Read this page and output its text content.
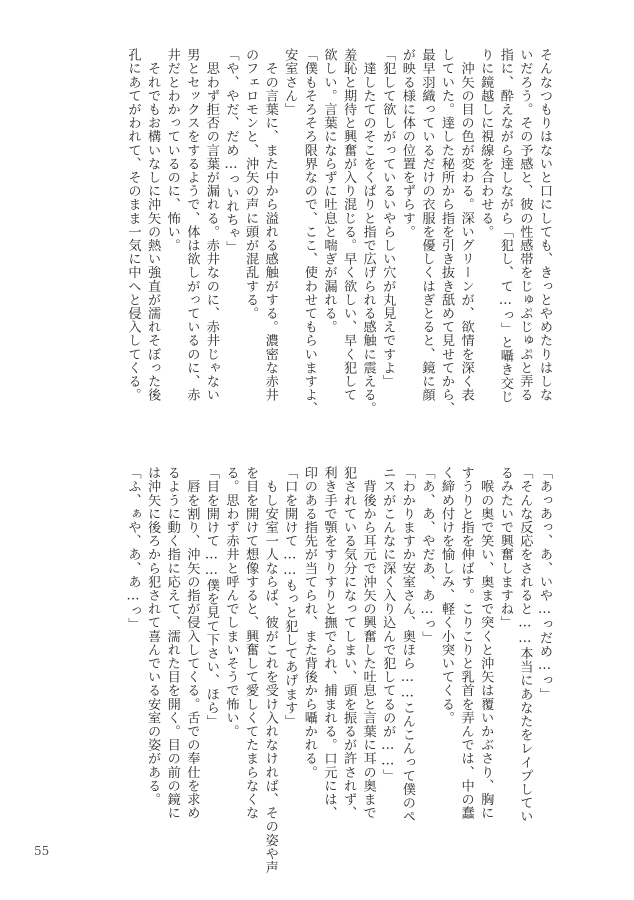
そんなつもりはないと口にしても、きっとやめたりはしな

いだろう。その予感と、彼の性感帯をじゅぷじゅぷと弄る

指に、酔えながら達しながら「犯し、て…っ」と囁き交じ

りに鏡越しに視線を合わせる。

　沖矢の目の色が変わる。深いグリーンが、欲情を深く表

していた。達した秘所から指を引き抜き舐めて見せてから、

最早羽織っているだけの衣服を優しくはぎとると、鏡に顔

が映る様に体の位置をずらす。

「犯して欲しがっているいやらしい穴が丸見えですよ」

　達したてのそこをくぱりと指で広げられる感触に震える。

羞恥と期待と興奮が入り混じる。早く欲しい、早く犯して

欲しい。言葉にならずに吐息と喘ぎが漏れる。

「僕もそろそろ限界なので、ここ、使わせてもらいますよ、

安室さん」

　その言葉に、また中から溢れる感触がする。濃密な赤井

のフェロモンと、沖矢の声に頭が混乱する。

「や、やだ、だめ…っいれちゃ」

　思わず拒否の言葉が漏れる。赤井なのに、赤井じゃない

男とセックスをするようで、体は欲しがっているのに、赤

井だとわかっているのに、怖い。

　それでもお構いなしに沖矢の熱い強直が濡れそぼった後

孔にあてがわれて、そのまま一気に中へと侵入してくる。

「あっあっ、あ、いや…っだめ…っ」

「そんな反応をされると……本当にあなたをレイプしてい

るみたいで興奮しますね」

　喉の奥で笑い、奥まで突くと沖矢は覆いかぶさり、胸に

すうりと指を伸ばす。こりこりと乳首を弄んでは、中の蠢

く締め付けを愉しみ、軽く小突いてくる。

「あ、あ、やだあ、あ…っ」

「わかりますか安室さん、奥ほら……こんこんって僕のペ

ニスがこんなに深く入り込んで犯してるのが……」

　背後から耳元で沖矢の興奮した吐息と言葉に耳の奥まで

犯されている気分になってしまい、頭を振るが許されず、

利き手で顎をすりすりと撫でられ、捕まれる。口元には、

印のある指先が当てられ、また背後から囁かれる。

「口を開けて……もっと犯してあげます」

　もし安室一人ならば、彼がこれを受け入れなければ、その姿や声

を目を開けて想像すると、興奮して愛しくてたまらなくな

る。思わず赤井と呼んでしまいそうで怖い。

「目を開けて……僕を見て下さい、ほら」

　唇を割り、沖矢の指が侵入してくる。舌での奉仕を求め

るように動く指に応えて、濡れた目を開く。目の前の鏡に

は沖矢に後ろから犯されて喜んでいる安室の姿がある。

「ふ、ぁや、あ、あ…っ」

55
